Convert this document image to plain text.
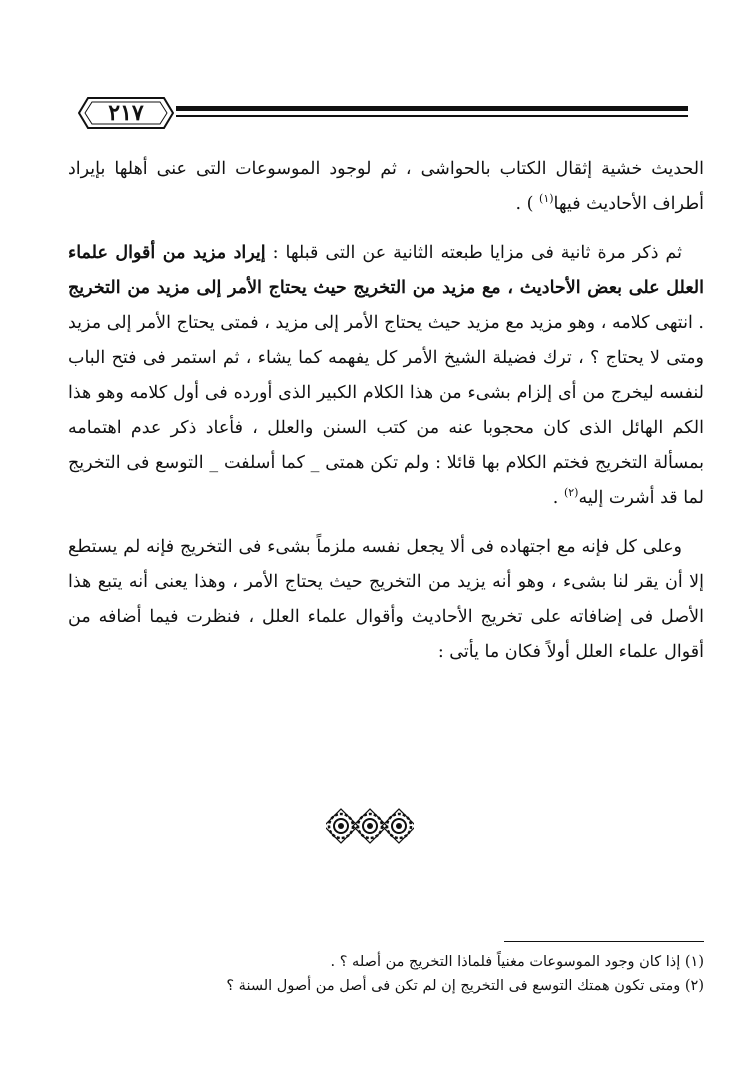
٢١٧

الحديث خشية إثقال الكتاب بالحواشى ، ثم لوجود الموسوعات التى عنى أهلها بإيراد أطراف الأحاديث فيها$^{(١)}$ ) .

ثم ذكر مرة ثانية فى مزايا طبعته الثانية عن التى قبلها : إيراد مزيد من أقوال علماء العلل على بعض الأحاديث ، مع مزيد من التخريج حيث يحتاج الأمر إلى مزيد من التخريج . انتهى كلامه ، وهو مزيد مع مزيد حيث يحتاج الأمر إلى مزيد ، فمتى يحتاج الأمر إلى مزيد ومتى لا يحتاج ؟ ، ترك فضيلة الشيخ الأمر كل يفهمه كما يشاء ، ثم استمر فى فتح الباب لنفسه ليخرج من أى إلزام بشىء من هذا الكلام الكبير الذى أورده فى أول كلامه وهو هذا الكم الهائل الذى كان محجوبا عنه من كتب السنن والعلل ، فأعاد ذكر عدم اهتمامه بمسألة التخريج فختم الكلام بها قائلا : ولم تكن همتى _ كما أسلفت _ التوسع فى التخريج لما قد أشرت إليه$^{(٢)}$ .

وعلى كل فإنه مع اجتهاده فى ألا يجعل نفسه ملزماً بشىء فى التخريج فإنه لم يستطع إلا أن يقر لنا بشىء ، وهو أنه يزيد من التخريج حيث يحتاج الأمر ، وهذا يعنى أنه يتبع هذا الأصل فى إضافاته على تخريج الأحاديث وأقوال علماء العلل ، فنظرت فيما أضافه من أقوال علماء العلل أولاً فكان ما يأتى :

(١) إذا كان وجود الموسوعات مغنياً فلماذا التخريج من أصله ؟ .

(٢) ومتى تكون همتك التوسع فى التخريج إن لم تكن فى أصل من أصول السنة ؟
